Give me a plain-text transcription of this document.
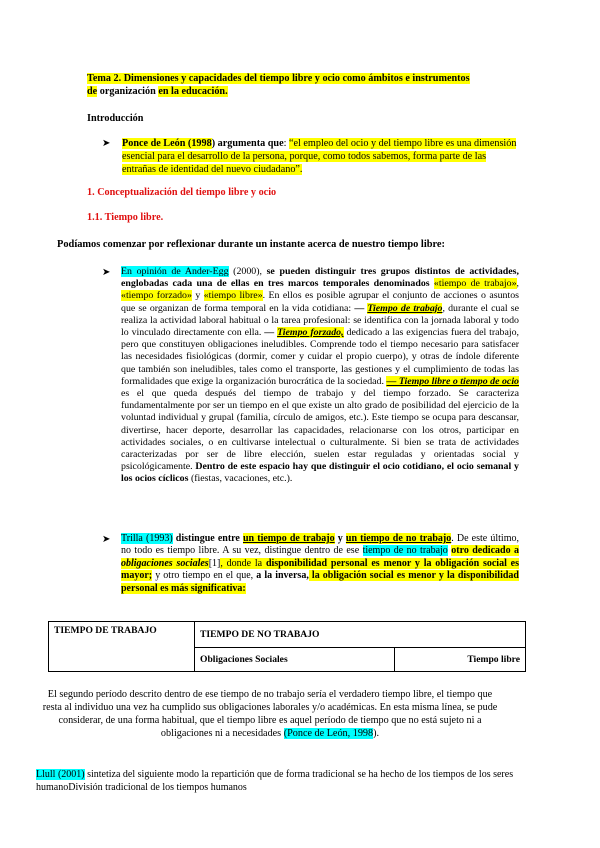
Tema 2. Dimensiones y capacidades del tiempo libre y ocio como ámbitos e instrumentos
de organización en la educación.
Introducción
➤ Ponce de León (1998) argumenta que: “el empleo del ocio y del tiempo libre es una dimensión esencial para el desarrollo de la persona, porque, como todos sabemos, forma parte de las entrañas de identidad del nuevo ciudadano”.
1. Conceptualización del tiempo libre y ocio
1.1. Tiempo libre.
Podíamos comenzar por reflexionar durante un instante acerca de nuestro tiempo libre:
➤ En opinión de Ander-Egg (2000), se pueden distinguir tres grupos distintos de actividades, englobadas cada una de ellas en tres marcos temporales denominados «tiempo de trabajo», «tiempo forzado» y «tiempo libre». En ellos es posible agrupar el conjunto de acciones o asuntos que se organizan de forma temporal en la vida cotidiana: — Tiempo de trabajo, durante el cual se realiza la actividad laboral habitual o la tarea profesional: se identifica con la jornada laboral y todo lo vinculado directamente con ella. — Tiempo forzado, dedicado a las exigencias fuera del trabajo, pero que constituyen obligaciones ineludibles. Comprende todo el tiempo necesario para satisfacer las necesidades fisiológicas (dormir, comer y cuidar el propio cuerpo), y otras de índole diferente que también son ineludibles, tales como el transporte, las gestiones y el cumplimiento de todas las formalidades que exige la organización burocrática de la sociedad. — Tiempo libre o tiempo de ocio es el que queda después del tiempo de trabajo y del tiempo forzado. Se caracteriza fundamentalmente por ser un tiempo en el que existe un alto grado de posibilidad del ejercicio de la voluntad individual y grupal (familia, círculo de amigos, etc.). Este tiempo se ocupa para descansar, divertirse, hacer deporte, desarrollar las capacidades, relacionarse con los otros, participar en actividades sociales, o en cultivarse intelectual o culturalmente. Si bien se trata de actividades caracterizadas por ser de libre elección, suelen estar reguladas y orientadas social y psicológicamente. Dentro de este espacio hay que distinguir el ocio cotidiano, el ocio semanal y los ocios cíclicos (fiestas, vacaciones, etc.).
➤ Trilla (1993) distingue entre un tiempo de trabajo y un tiempo de no trabajo. De este último, no todo es tiempo libre. A su vez, distingue dentro de ese tiempo de no trabajo otro dedicado a obligaciones sociales[1], donde la disponibilidad personal es menor y la obligación social es mayor; y otro tiempo en el que, a la inversa, la obligación social es menor y la disponibilidad personal es más significativa:
TIEMPO DE TRABAJO	TIEMPO DE NO TRABAJO	
	Obligaciones Sociales	Tiempo libre
El segundo período descrito dentro de ese tiempo de no trabajo sería el verdadero tiempo libre, el tiempo que resta al individuo una vez ha cumplido sus obligaciones laborales y/o académicas. En esta misma línea, se pude considerar, de una forma habitual, que el tiempo libre es aquel período de tiempo que no está sujeto ni a obligaciones ni a necesidades (Ponce de León, 1998).
Llull (2001) sintetiza del siguiente modo la repartición que de forma tradicional se ha hecho de los tiempos de los seres humanoDivisión tradicional de los tiempos humanos
